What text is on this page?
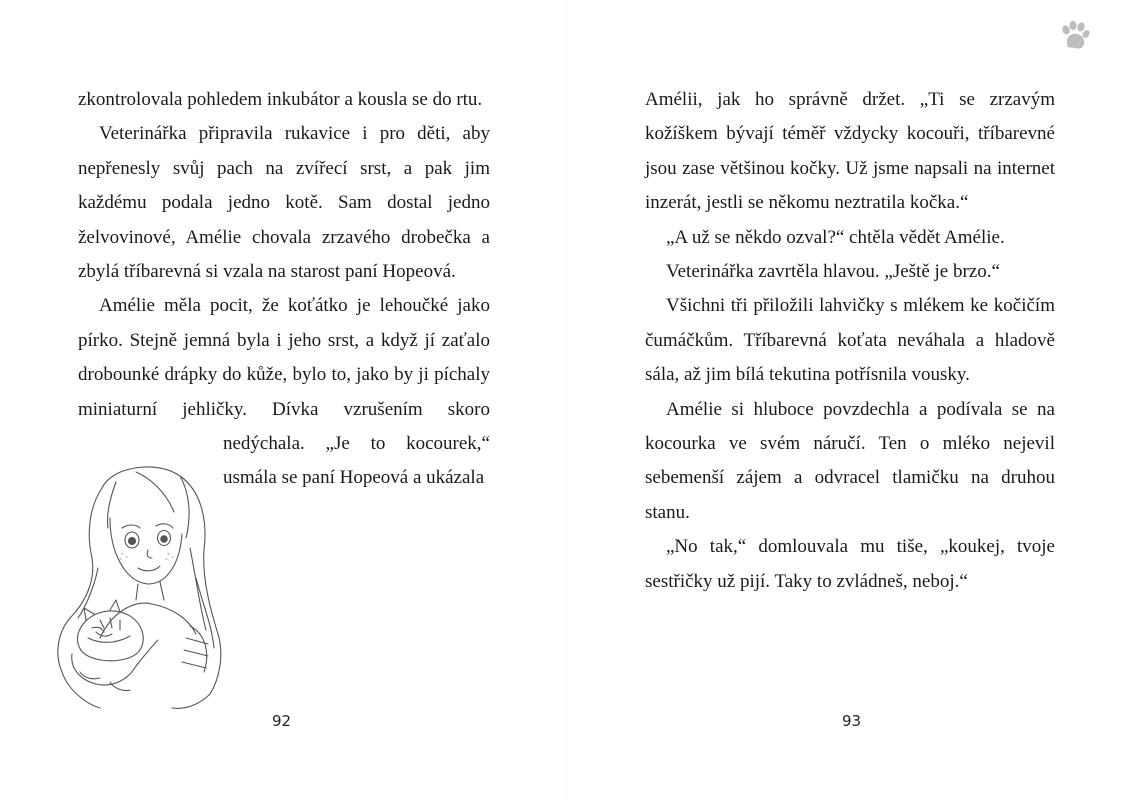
zkontrolovala pohledem inkubátor a kousla se do rtu.

Veterinářka připravila rukavice i pro děti, aby nepřenesly svůj pach na zvířecí srst, a pak jim každému podala jedno kotě. Sam dostal jedno želvovinové, Amélie chovala zrzavého drobečka a zbylá tříbarevná si vzala na starost paní Hopeová.

Amélie měla pocit, že koťátko je lehoučké jako pírko. Stejně jemná byla i jeho srst, a když jí zaťalo drobounké drápky do kůže, bylo to, jako by ji píchaly miniaturní jehličky. Dívka vzrušením skoro nedýchala. „Je to kocourek,“ usmála se paní Hopeová a ukázala

92

Amélii, jak ho správně držet. „Ti se zrzavým kožíškem bývají téměř vždycky kocouři, tříbarevné jsou zase většinou kočky. Už jsme napsali na internet inzerát, jestli se někomu neztratila kočka.“

„A už se někdo ozval?“ chtěla vědět Amélie.

Veterinářka zavrtěla hlavou. „Ještě je brzo.“

Všichni tři přiložili lahvičky s mlékem ke kočičím čumáčkům. Tříbarevná koťata neváhala a hladově sála, až jim bílá tekutina potřísnila vousky.

Amélie si hluboce povzdechla a podívala se na kocourka ve svém náručí. Ten o mléko nejevil sebemenší zájem a odvracel tlamičku na druhou stanu.

„No tak,“ domlouvala mu tiše, „koukej, tvoje sestřičky už pijí. Taky to zvládneš, neboj.“

93
